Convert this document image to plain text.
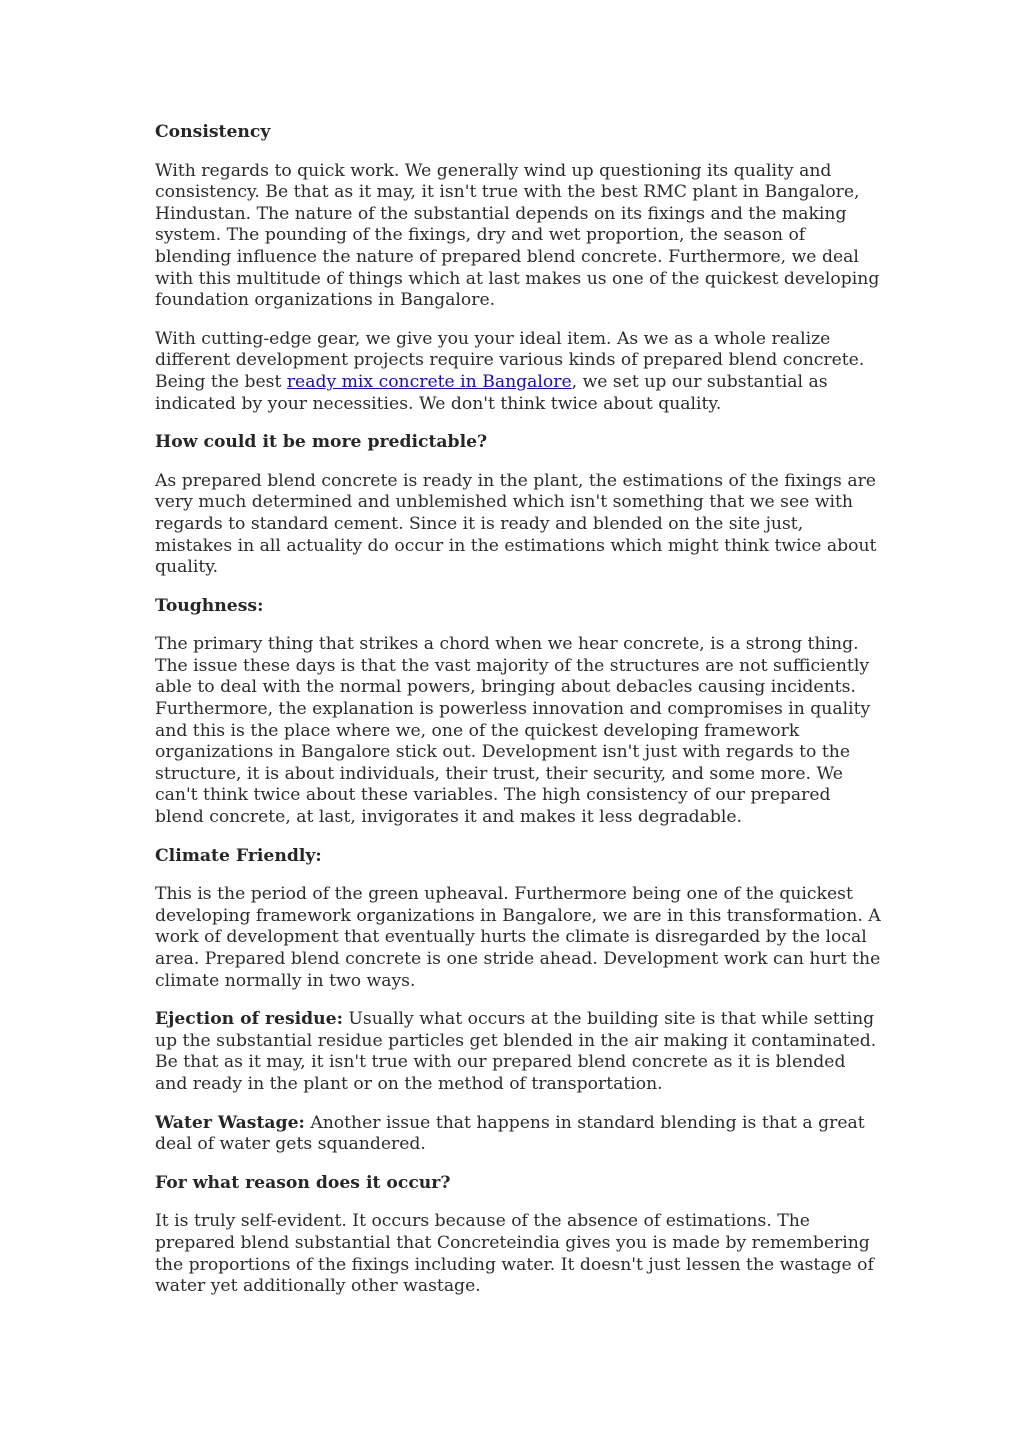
Consistency

With regards to quick work. We generally wind up questioning its quality and consistency. Be that as it may, it isn't true with the best RMC plant in Bangalore, Hindustan. The nature of the substantial depends on its fixings and the making system. The pounding of the fixings, dry and wet proportion, the season of blending influence the nature of prepared blend concrete. Furthermore, we deal with this multitude of things which at last makes us one of the quickest developing foundation organizations in Bangalore.

With cutting-edge gear, we give you your ideal item. As we as a whole realize different development projects require various kinds of prepared blend concrete. Being the best ready mix concrete in Bangalore, we set up our substantial as indicated by your necessities. We don't think twice about quality.

How could it be more predictable?

As prepared blend concrete is ready in the plant, the estimations of the fixings are very much determined and unblemished which isn't something that we see with regards to standard cement. Since it is ready and blended on the site just, mistakes in all actuality do occur in the estimations which might think twice about quality.

Toughness:

The primary thing that strikes a chord when we hear concrete, is a strong thing. The issue these days is that the vast majority of the structures are not sufficiently able to deal with the normal powers, bringing about debacles causing incidents. Furthermore, the explanation is powerless innovation and compromises in quality and this is the place where we, one of the quickest developing framework organizations in Bangalore stick out. Development isn't just with regards to the structure, it is about individuals, their trust, their security, and some more. We can't think twice about these variables. The high consistency of our prepared blend concrete, at last, invigorates it and makes it less degradable.

Climate Friendly:

This is the period of the green upheaval. Furthermore being one of the quickest developing framework organizations in Bangalore, we are in this transformation. A work of development that eventually hurts the climate is disregarded by the local area. Prepared blend concrete is one stride ahead. Development work can hurt the climate normally in two ways.

Ejection of residue: Usually what occurs at the building site is that while setting up the substantial residue particles get blended in the air making it contaminated. Be that as it may, it isn't true with our prepared blend concrete as it is blended and ready in the plant or on the method of transportation.

Water Wastage: Another issue that happens in standard blending is that a great deal of water gets squandered.

For what reason does it occur?

It is truly self-evident. It occurs because of the absence of estimations. The prepared blend substantial that Concreteindia gives you is made by remembering the proportions of the fixings including water. It doesn't just lessen the wastage of water yet additionally other wastage.
